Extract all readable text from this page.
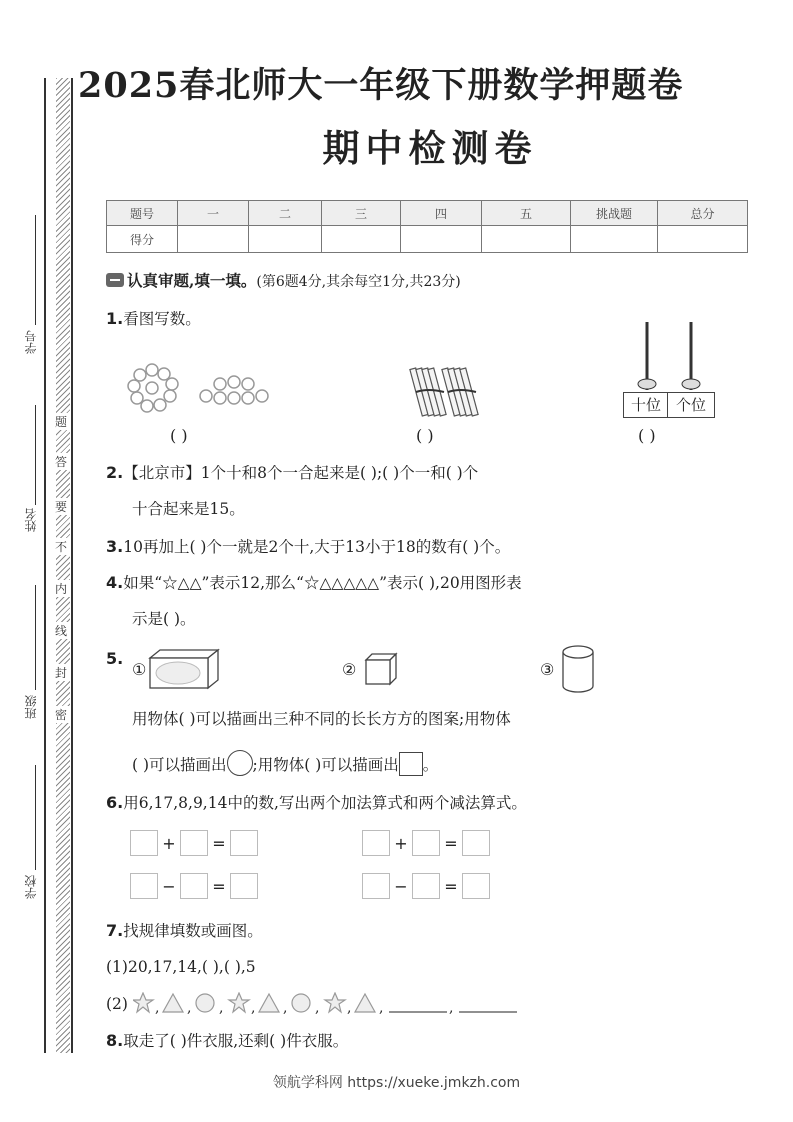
学号
姓名
班级
学校
题
答
要
不
内
线
封
密
2025春北师大一年级下册数学押题卷
期中检测卷
题号	一	二	三	四	五	挑战题	总分
得分							
认真审题,填一填。(第6题4分,其余每空1分,共23分)
1.看图写数。
( )	( )
十位 个位
( )
2.【北京市】1个十和8个一合起来是( );( )个一和( )个
十合起来是15。
3.10再加上( )个一就是2个十,大于13小于18的数有( )个。
4.如果“☆△△”表示12,那么“☆△△△△△”表示( ),20用图形表
示是( )。
5.
①	②	③
用物体( )可以描画出三种不同的长长方方的图案;用物体
( )可以描画出 ;用物体( )可以描画出 。
6.用6,17,8,9,14中的数,写出两个加法算式和两个减法算式。
+ =	+ =
− =	− =
7.找规律填数或画图。
(1)20,17,14,( ),( ),5
(2) , , , , , , , ,	,
8.取走了( )件衣服,还剩( )件衣服。
领航学科网 https://xueke.jmkzh.com
